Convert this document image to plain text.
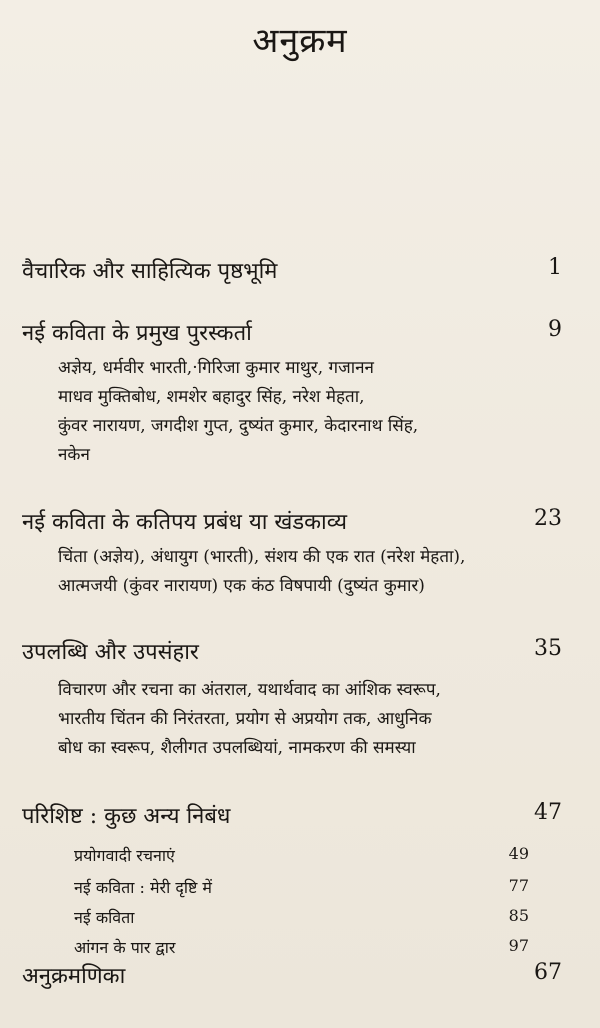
अनुक्रम
वैचारिक और साहित्यिक पृष्ठभूमि	1
नई कविता के प्रमुख पुरस्कर्ता	9
अज्ञेय, धर्मवीर भारती,·गिरिजा कुमार माथुर, गजानन
माधव मुक्तिबोध, शमशेर बहादुर सिंह, नरेश मेहता,
कुंवर नारायण, जगदीश गुप्त, दुष्यंत कुमार, केदारनाथ सिंह,
नकेन
नई कविता के कतिपय प्रबंध या खंडकाव्य	23
चिंता (अज्ञेय), अंधायुग (भारती), संशय की एक रात (नरेश मेहता),
आत्मजयी (कुंवर नारायण) एक कंठ विषपायी (दुष्यंत कुमार)
उपलब्धि और उपसंहार	35
विचारण और रचना का अंतराल, यथार्थवाद का आंशिक स्वरूप,
भारतीय चिंतन की निरंतरता, प्रयोग से अप्रयोग तक, आधुनिक
बोध का स्वरूप, शैलीगत उपलब्धियां, नामकरण की समस्या
परिशिष्ट : कुछ अन्य निबंध	47
प्रयोगवादी रचनाएं	49
नई कविता : मेरी दृष्टि में	77
नई कविता	85
आंगन के पार द्वार	97
अनुक्रमणिका	67
